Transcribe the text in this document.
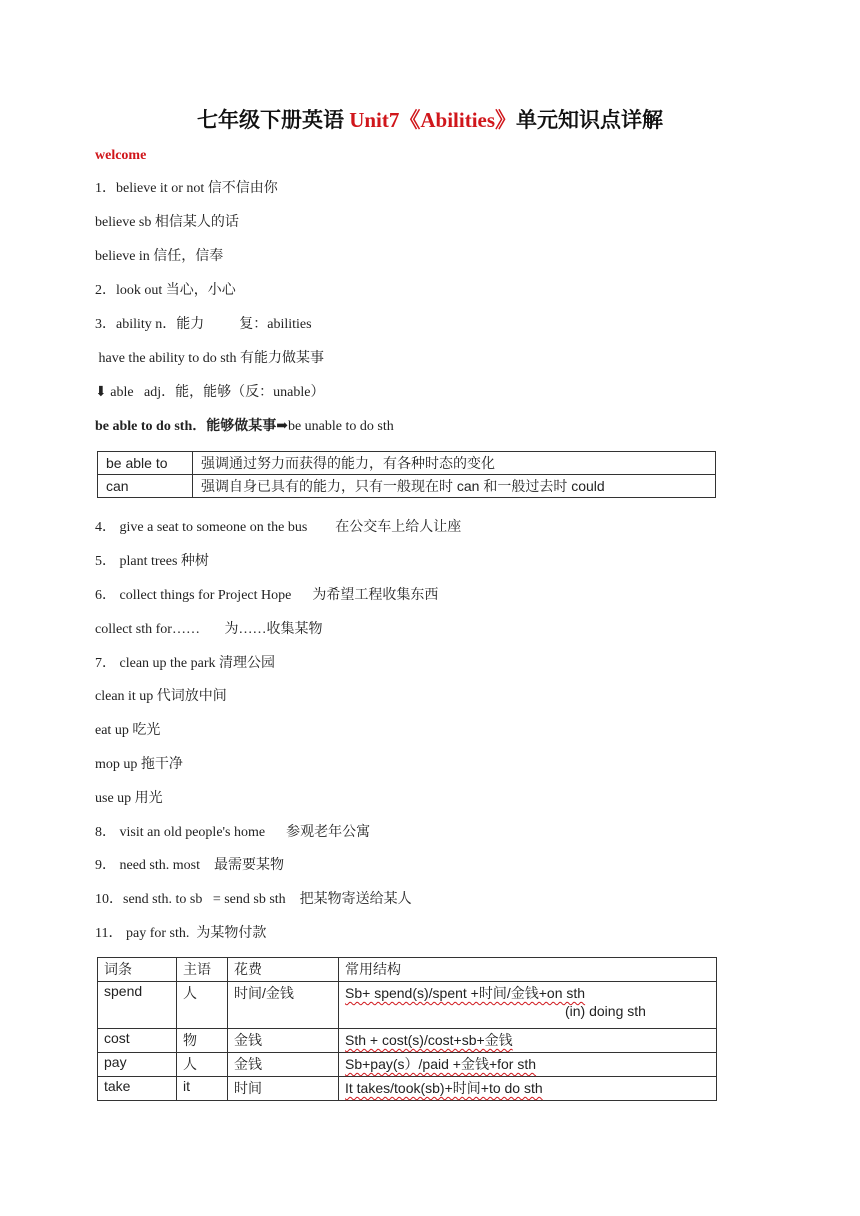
七年级下册英语 Unit7《Abilities》单元知识点详解
welcome
1．believe it or not 信不信由你
believe sb 相信某人的话
believe in 信任，信奉
2．look out 当心，小心
3．ability n．能力          复：abilities
have the ability to do sth 有能力做某事
⬇ able   adj．能，能够（反：unable）
be able to do sth．能够做某事➡be unable to do sth
be able to	强调通过努力而获得的能力，有各种时态的变化
can	强调自身已具有的能力，只有一般现在时 can 和一般过去时 could
4． give a seat to someone on the bus        在公交车上给人让座
5． plant trees 种树
6． collect things for Project Hope      为希望工程收集东西
collect sth for……       为……收集某物
7． clean up the park 清理公园
clean it up 代词放中间
eat up 吃光
mop up 拖干净
use up 用光
8． visit an old people's home      参观老年公寓
9． need sth. most    最需要某物
10．send sth. to sb   = send sb sth    把某物寄送给某人
11． pay for sth.  为某物付款
词条	主语	花费	常用结构
spend	人	时间/金钱	Sb+ spend(s)/spent +时间/金钱+on sth
(in) doing sth

cost	物	金钱	Sth + cost(s)/cost+sb+金钱
pay	人	金钱	Sb+pay(s）/paid +金钱+for sth
take	it	时间	It takes/took(sb)+时间+to do sth
